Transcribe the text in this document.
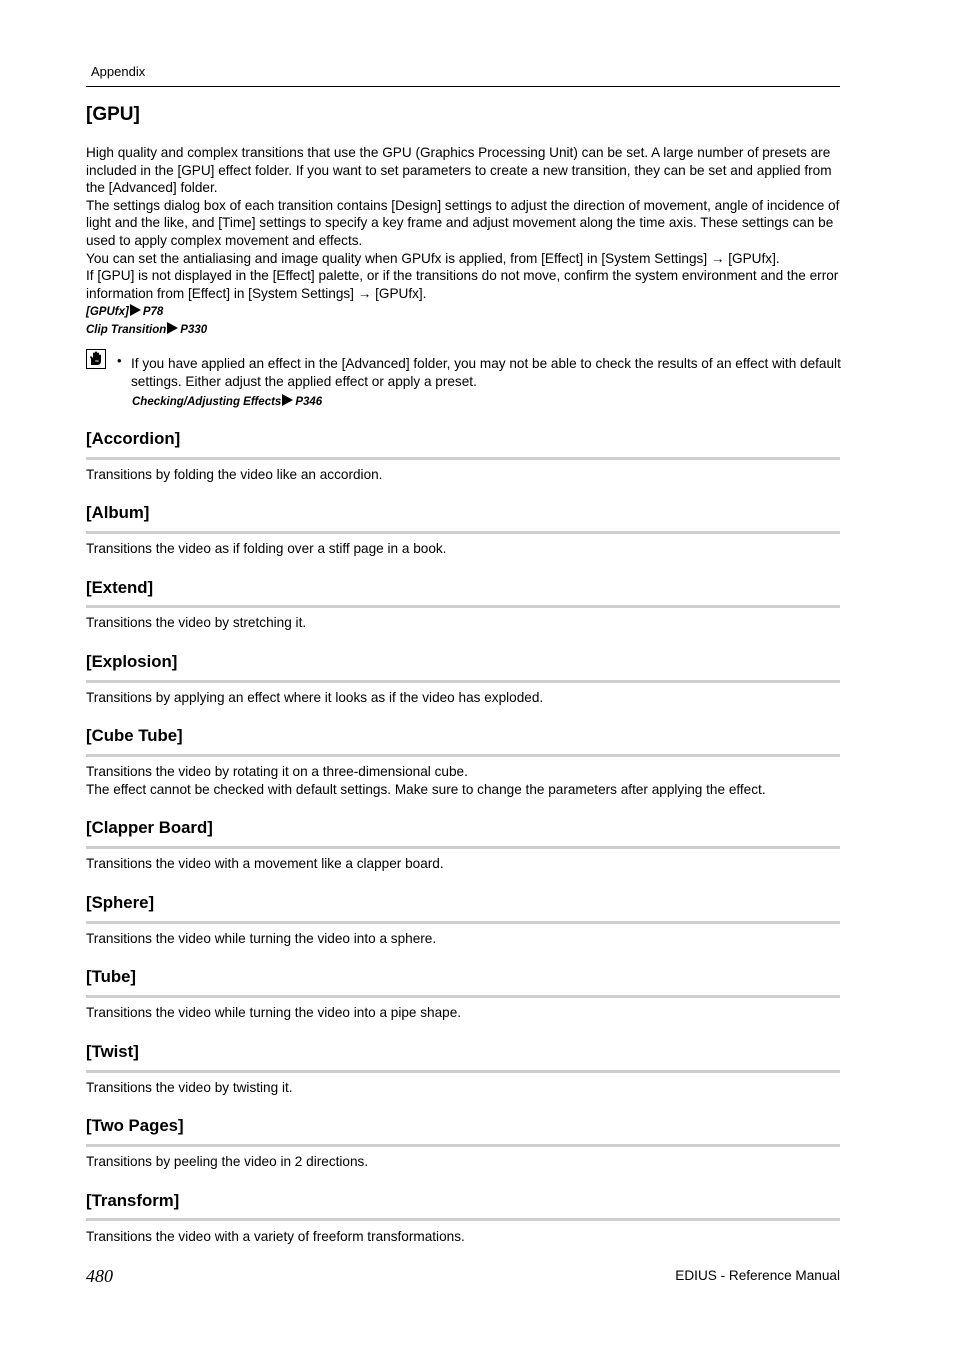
Appendix
[GPU]

High quality and complex transitions that use the GPU (Graphics Processing Unit) can be set. A large number of presets are included in the [GPU] effect folder. If you want to set parameters to create a new transition, they can be set and applied from the [Advanced] folder.

The settings dialog box of each transition contains [Design] settings to adjust the direction of movement, angle of incidence of light and the like, and [Time] settings to specify a key frame and adjust movement along the time axis. These settings can be used to apply complex movement and effects.

You can set the antialiasing and image quality when GPUfx is applied, from [Effect] in [System Settings] → [GPUfx].

If [GPU] is not displayed in the [Effect] palette, or if the transitions do not move, confirm the system environment and the error information from [Effect] in [System Settings] → [GPUfx].

[GPUfx] P78
Clip Transition P330
• If you have applied an effect in the [Advanced] folder, you may not be able to check the results of an effect with default settings. Either adjust the applied effect or apply a preset.
Checking/Adjusting Effects P346
[Accordion]

Transitions by folding the video like an accordion.

[Album]

Transitions the video as if folding over a stiff page in a book.

[Extend]

Transitions the video by stretching it.

[Explosion]

Transitions by applying an effect where it looks as if the video has exploded.

[Cube Tube]

Transitions the video by rotating it on a three-dimensional cube.

The effect cannot be checked with default settings. Make sure to change the parameters after applying the effect.

[Clapper Board]

Transitions the video with a movement like a clapper board.

[Sphere]

Transitions the video while turning the video into a sphere.

[Tube]

Transitions the video while turning the video into a pipe shape.

[Twist]

Transitions the video by twisting it.

[Two Pages]

Transitions by peeling the video in 2 directions.

[Transform]

Transitions the video with a variety of freeform transformations.

480	EDIUS - Reference Manual
